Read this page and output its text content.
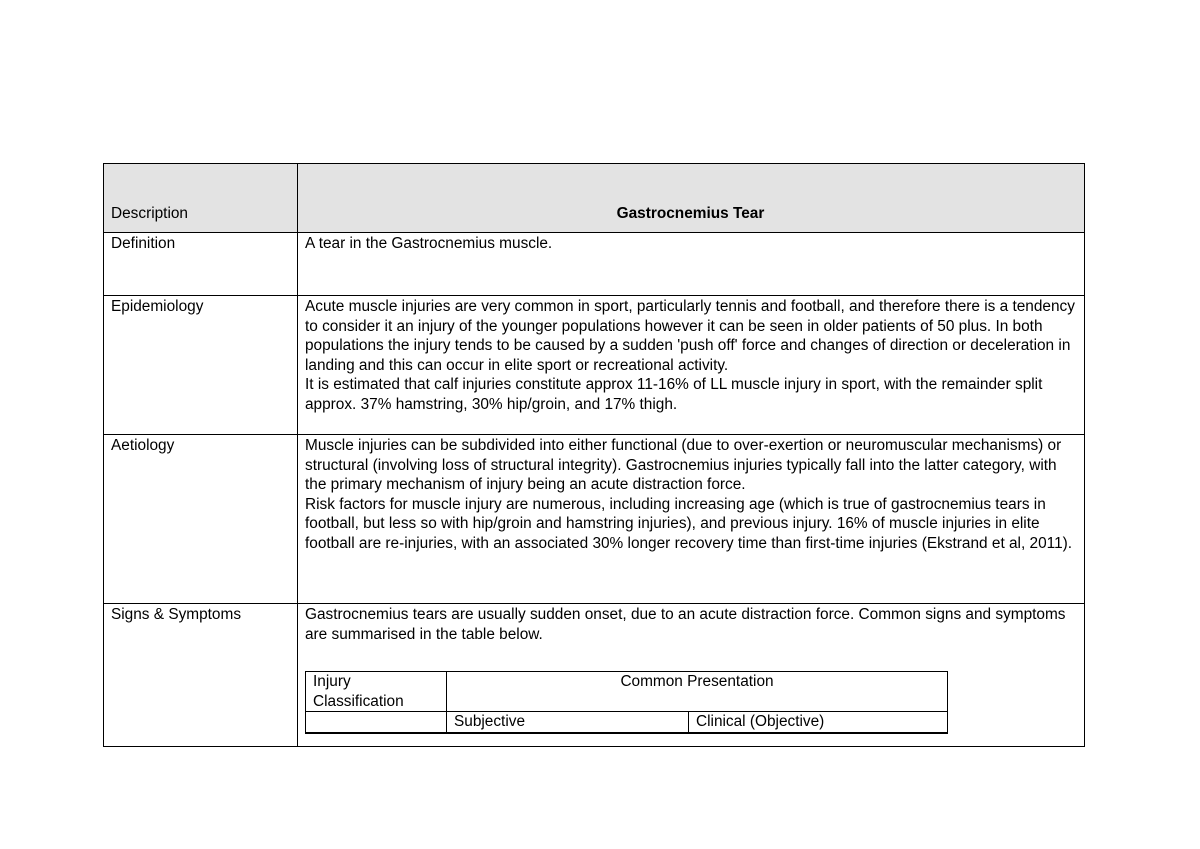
Description	Gastrocnemius Tear
Definition	A tear in the Gastrocnemius muscle.

Epidemiology	Acute muscle injuries are very common in sport, particularly tennis and football, and therefore there is a tendency to consider it an injury of the younger populations however it can be seen in older patients of 50 plus. In both populations the injury tends to be caused by a sudden 'push off' force and changes of direction or deceleration in landing and this can occur in elite sport or recreational activity.
It is estimated that calf injuries constitute approx 11-16% of LL muscle injury in sport, with the remainder split approx. 37% hamstring, 30% hip/groin, and 17% thigh.

Aetiology	Muscle injuries can be subdivided into either functional (due to over-exertion or neuromuscular mechanisms) or structural (involving loss of structural integrity). Gastrocnemius injuries typically fall into the latter category, with the primary mechanism of injury being an acute distraction force.
Risk factors for muscle injury are numerous, including increasing age (which is true of gastrocnemius tears in football, but less so with hip/groin and hamstring injuries), and previous injury. 16% of muscle injuries in elite football are re-injuries, with an associated 30% longer recovery time than first-time injuries (Ekstrand et al, 2011).

Signs & Symptoms	Gastrocnemius tears are usually sudden onset, due to an acute distraction force. Common signs and symptoms are summarised in the table below.
Injury Classification	Common Presentation
	Subjective	Clinical (Objective)
